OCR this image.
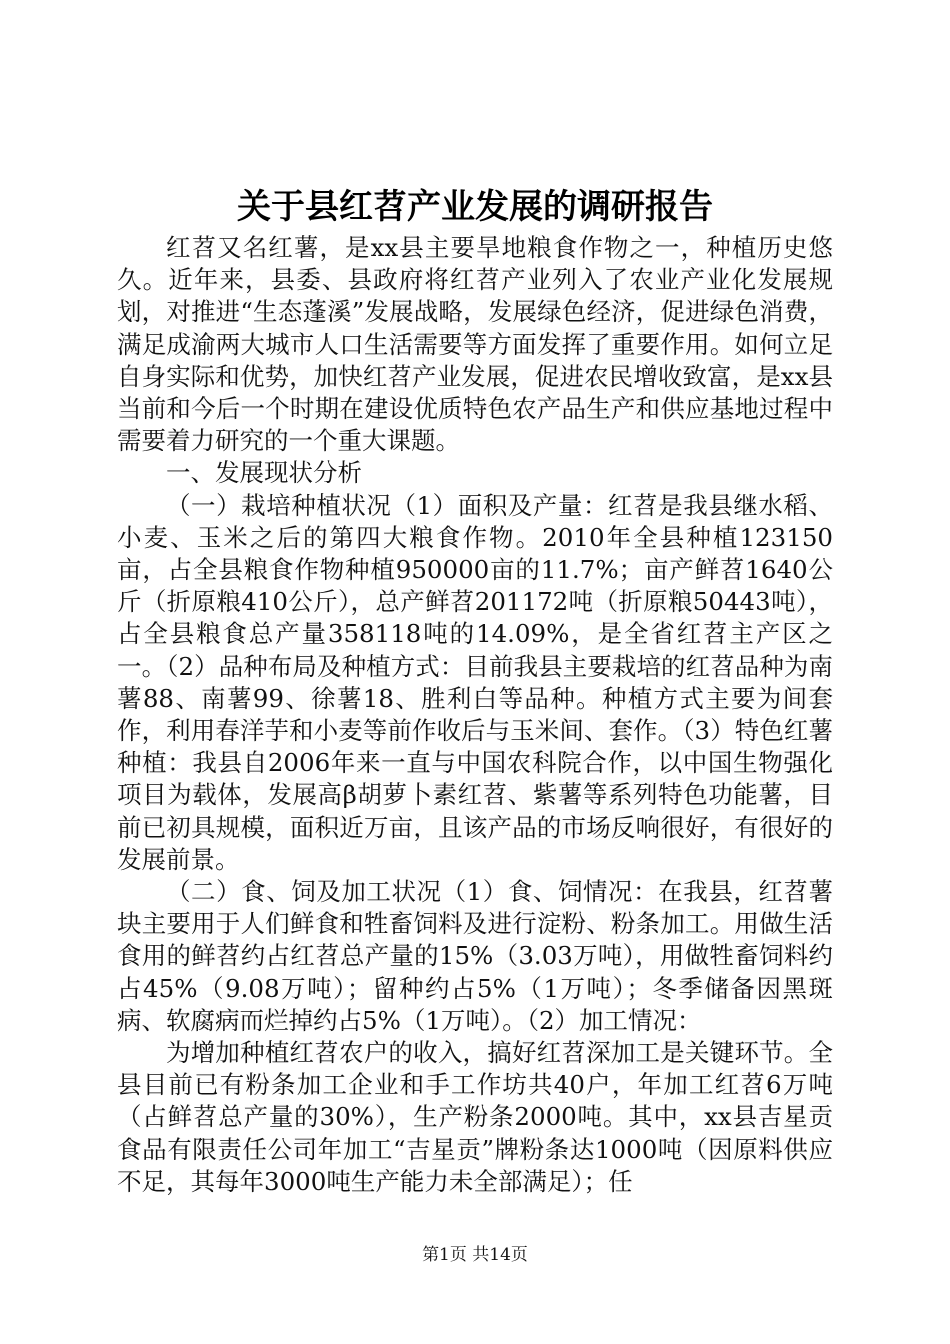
关于县红苕产业发展的调研报告

红苕又名红薯，是xx县主要旱地粮食作物之一，种植历史悠久。近年来，县委、县政府将红苕产业列入了农业产业化发展规划，对推进“生态蓬溪”发展战略，发展绿色经济，促进绿色消费，满足成渝两大城市人口生活需要等方面发挥了重要作用。如何立足自身实际和优势，加快红苕产业发展，促进农民增收致富，是xx县当前和今后一个时期在建设优质特色农产品生产和供应基地过程中需要着力研究的一个重大课题。

一、发展现状分析

（一）栽培种植状况（1）面积及产量：红苕是我县继水稻、小麦、玉米之后的第四大粮食作物。2010年全县种植123150亩，占全县粮食作物种植950000亩的11.7%；亩产鲜苕1640公斤（折原粮410公斤），总产鲜苕201172吨（折原粮50443吨），占全县粮食总产量358118吨的14.09%，是全省红苕主产区之一。（2）品种布局及种植方式：目前我县主要栽培的红苕品种为南薯88、南薯99、徐薯18、胜利白等品种。种植方式主要为间套作，利用春洋芋和小麦等前作收后与玉米间、套作。（3）特色红薯种植：我县自2006年来一直与中国农科院合作，以中国生物强化项目为载体，发展高β胡萝卜素红苕、紫薯等系列特色功能薯，目前已初具规模，面积近万亩，且该产品的市场反响很好，有很好的发展前景。

（二）食、饲及加工状况（1）食、饲情况：在我县，红苕薯块主要用于人们鲜食和牲畜饲料及进行淀粉、粉条加工。用做生活食用的鲜苕约占红苕总产量的15%（3.03万吨），用做牲畜饲料约占45%（9.08万吨）；留种约占5%（1万吨）；冬季储备因黑斑病、软腐病而烂掉约占5%（1万吨）。（2）加工情况：

为增加种植红苕农户的收入，搞好红苕深加工是关键环节。全县目前已有粉条加工企业和手工作坊共40户，年加工红苕6万吨（占鲜苕总产量的30%），生产粉条2000吨。其中，xx县吉星贡食品有限责任公司年加工“吉星贡”牌粉条达1000吨（因原料供应不足，其每年3000吨生产能力未全部满足）；任

第1页 共14页
